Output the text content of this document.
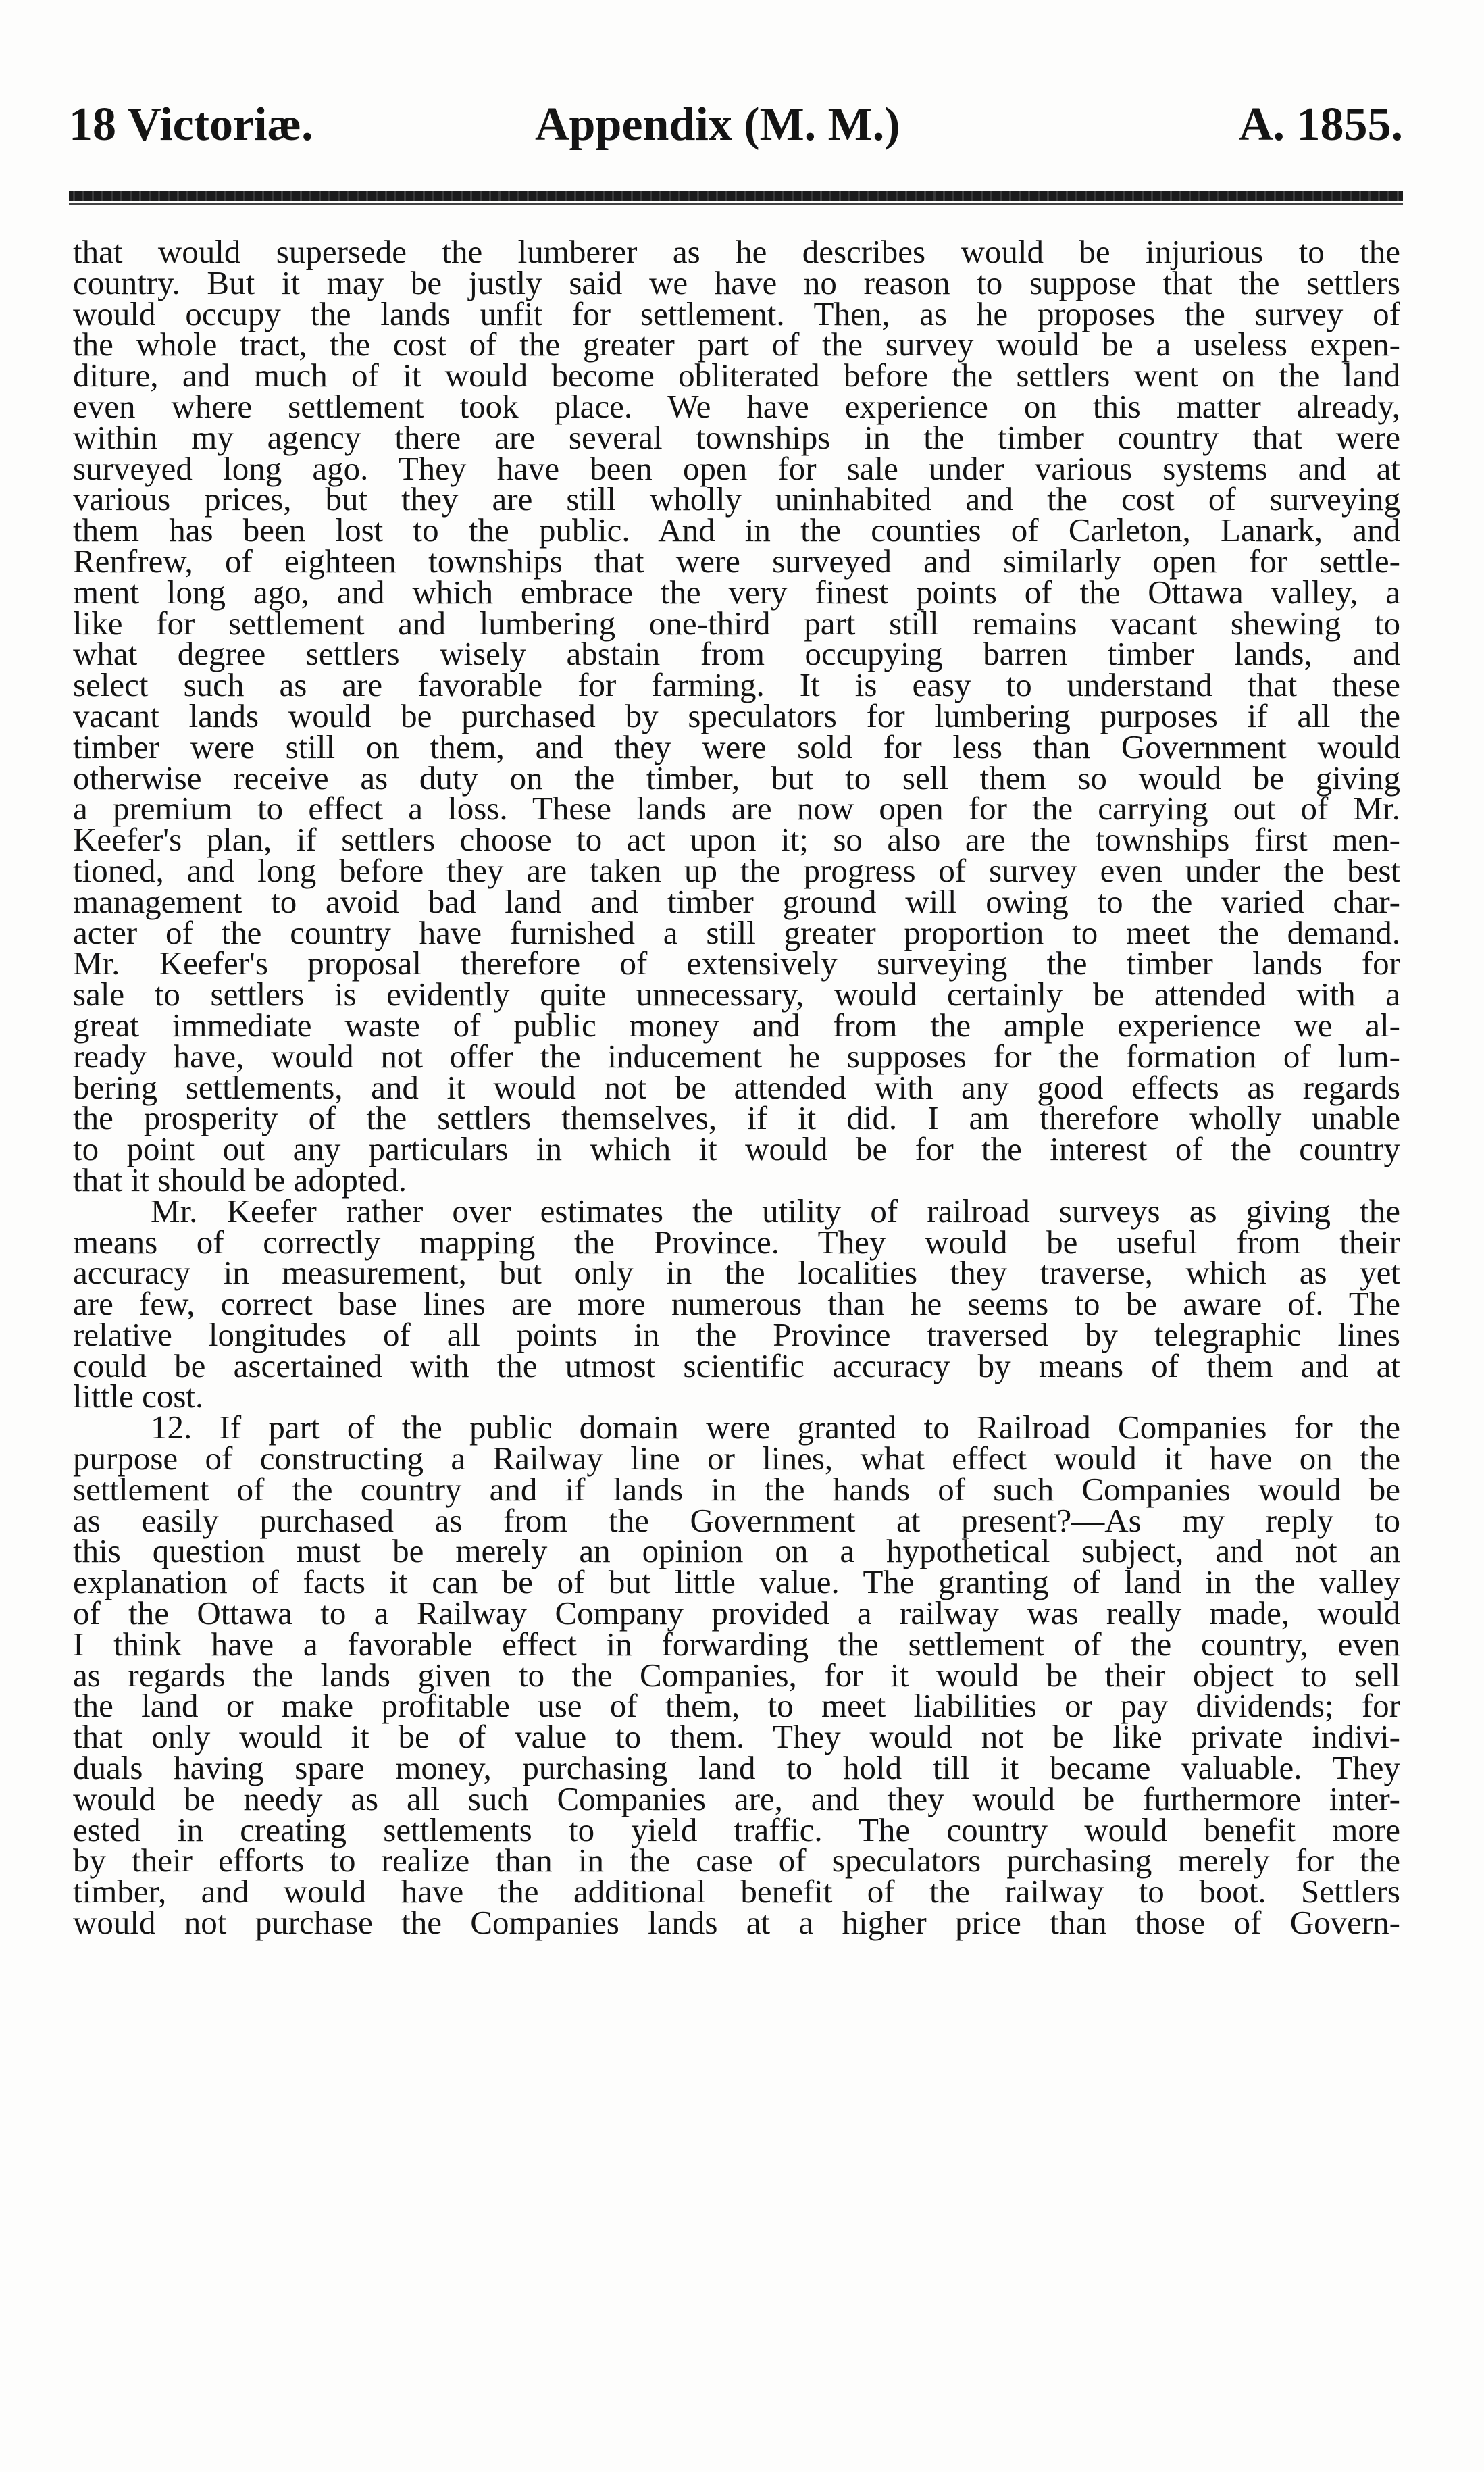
18 Victoriæ.	Appendix (M. M.)	A. 1855.
that would supersede the lumberer as he describes would be injurious to the
country. But it may be justly said we have no reason to suppose that the settlers
would occupy the lands unfit for settlement. Then, as he proposes the survey of
the whole tract, the cost of the greater part of the survey would be a useless expen-
diture, and much of it would become obliterated before the settlers went on the land
even where settlement took place. We have experience on this matter already,
within my agency there are several townships in the timber country that were
surveyed long ago. They have been open for sale under various systems and at
various prices, but they are still wholly uninhabited and the cost of surveying
them has been lost to the public. And in the counties of Carleton, Lanark, and
Renfrew, of eighteen townships that were surveyed and similarly open for settle-
ment long ago, and which embrace the very finest points of the Ottawa valley, a
like for settlement and lumbering one-third part still remains vacant shewing to
what degree settlers wisely abstain from occupying barren timber lands, and
select such as are favorable for farming. It is easy to understand that these
vacant lands would be purchased by speculators for lumbering purposes if all the
timber were still on them, and they were sold for less than Government would
otherwise receive as duty on the timber, but to sell them so would be giving
a premium to effect a loss. These lands are now open for the carrying out of Mr.
Keefer's plan, if settlers choose to act upon it; so also are the townships first men-
tioned, and long before they are taken up the progress of survey even under the best
management to avoid bad land and timber ground will owing to the varied char-
acter of the country have furnished a still greater proportion to meet the demand.
Mr. Keefer's proposal therefore of extensively surveying the timber lands for
sale to settlers is evidently quite unnecessary, would certainly be attended with a
great immediate waste of public money and from the ample experience we al-
ready have, would not offer the inducement he supposes for the formation of lum-
bering settlements, and it would not be attended with any good effects as regards
the prosperity of the settlers themselves, if it did. I am therefore wholly unable
to point out any particulars in which it would be for the interest of the country
that it should be adopted.
Mr. Keefer rather over estimates the utility of railroad surveys as giving the
means of correctly mapping the Province. They would be useful from their
accuracy in measurement, but only in the localities they traverse, which as yet
are few, correct base lines are more numerous than he seems to be aware of. The
relative longitudes of all points in the Province traversed by telegraphic lines
could be ascertained with the utmost scientific accuracy by means of them and at
little cost.
12. If part of the public domain were granted to Railroad Companies for the
purpose of constructing a Railway line or lines, what effect would it have on the
settlement of the country and if lands in the hands of such Companies would be
as easily purchased as from the Government at present?—As my reply to
this question must be merely an opinion on a hypothetical subject, and not an
explanation of facts it can be of but little value. The granting of land in the valley
of the Ottawa to a Railway Company provided a railway was really made, would
I think have a favorable effect in forwarding the settlement of the country, even
as regards the lands given to the Companies, for it would be their object to sell
the land or make profitable use of them, to meet liabilities or pay dividends; for
that only would it be of value to them. They would not be like private indivi-
duals having spare money, purchasing land to hold till it became valuable. They
would be needy as all such Companies are, and they would be furthermore inter-
ested in creating settlements to yield traffic. The country would benefit more
by their efforts to realize than in the case of speculators purchasing merely for the
timber, and would have the additional benefit of the railway to boot. Settlers
would not purchase the Companies lands at a higher price than those of Govern-
